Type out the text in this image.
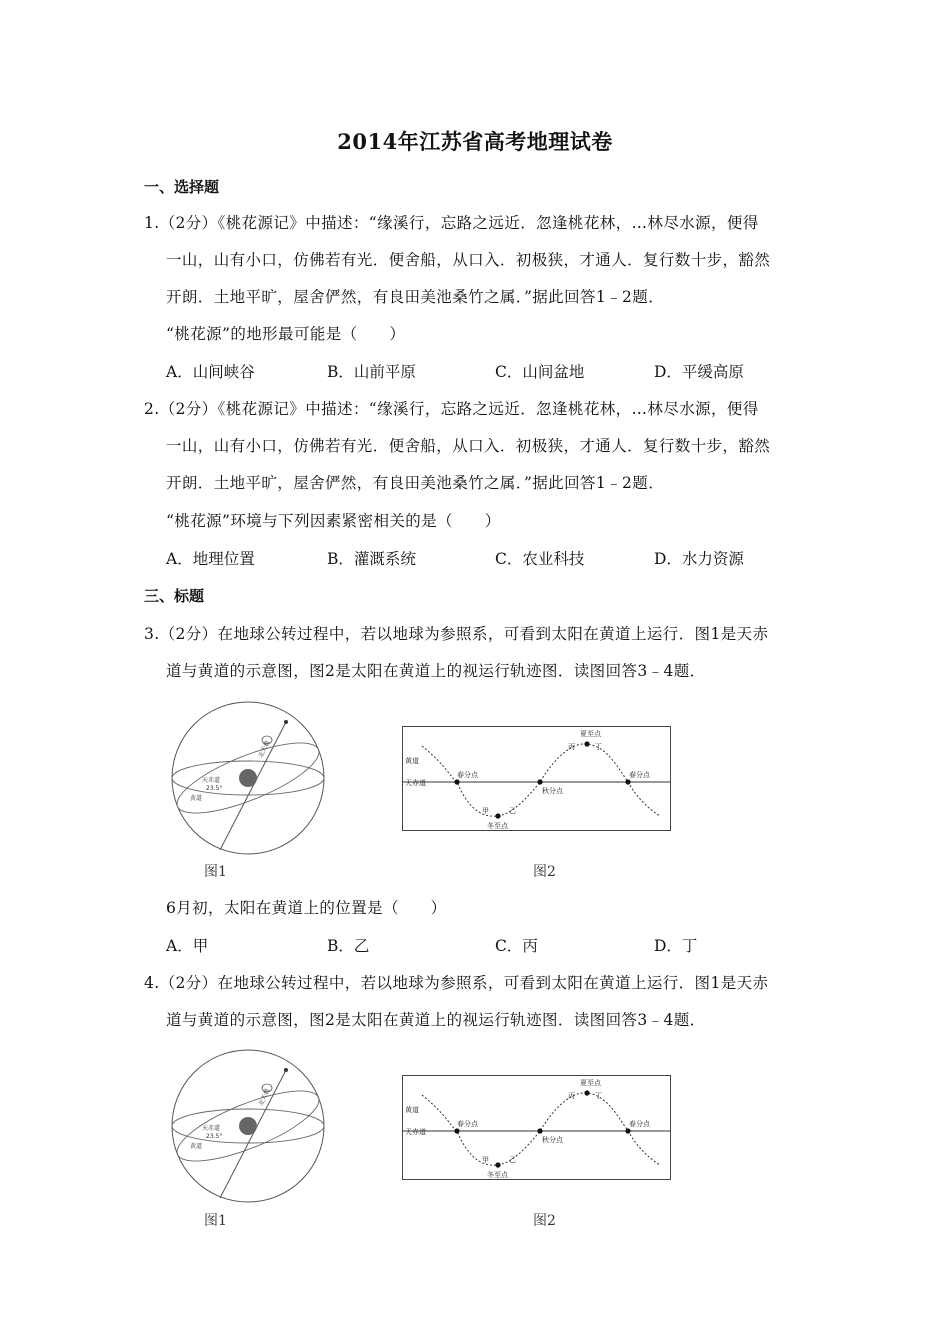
2014年江苏省高考地理试卷
一、选择题
1.（2分）《桃花源记》中描述：“缘溪行，忘路之远近．忽逢桃花林，…林尽水源，便得
一山，山有小口，仿佛若有光．便舍船，从口入．初极狭，才通人．复行数十步，豁然
开朗．土地平旷，屋舍俨然，有良田美池桑竹之属．”据此回答1﹣2题．
“桃花源”的地形最可能是（　　）
A．山间峡谷	B．山前平原	C．山间盆地	D．平缓高原
2.（2分）《桃花源记》中描述：“缘溪行，忘路之远近．忽逢桃花林，…林尽水源，便得
一山，山有小口，仿佛若有光．便舍船，从口入．初极狭，才通人．复行数十步，豁然
开朗．土地平旷，屋舍俨然，有良田美池桑竹之属．”据此回答1﹣2题．
“桃花源”环境与下列因素紧密相关的是（　　）
A．地理位置	B．灌溉系统	C．农业科技	D．水力资源
三、标题
3.（2分）在地球公转过程中，若以地球为参照系，可看到太阳在黄道上运行．图1是天赤
道与黄道的示意图，图2是太阳在黄道上的视运行轨迹图．读图回答3﹣4题．
北天极
天赤道
23.5°
黄道
图1
黄道
天赤道
春分点
秋分点
春分点
夏至点
冬至点
甲	乙
丙	丁
图2
6月初，太阳在黄道上的位置是（　　）
A．甲	B．乙	C．丙	D．丁
4.（2分）在地球公转过程中，若以地球为参照系，可看到太阳在黄道上运行．图1是天赤
道与黄道的示意图，图2是太阳在黄道上的视运行轨迹图．读图回答3﹣4题．
北天极
天赤道
23.5°
黄道
图1
黄道
天赤道
春分点
秋分点
春分点
夏至点
冬至点
甲	乙
丙	丁
图2
